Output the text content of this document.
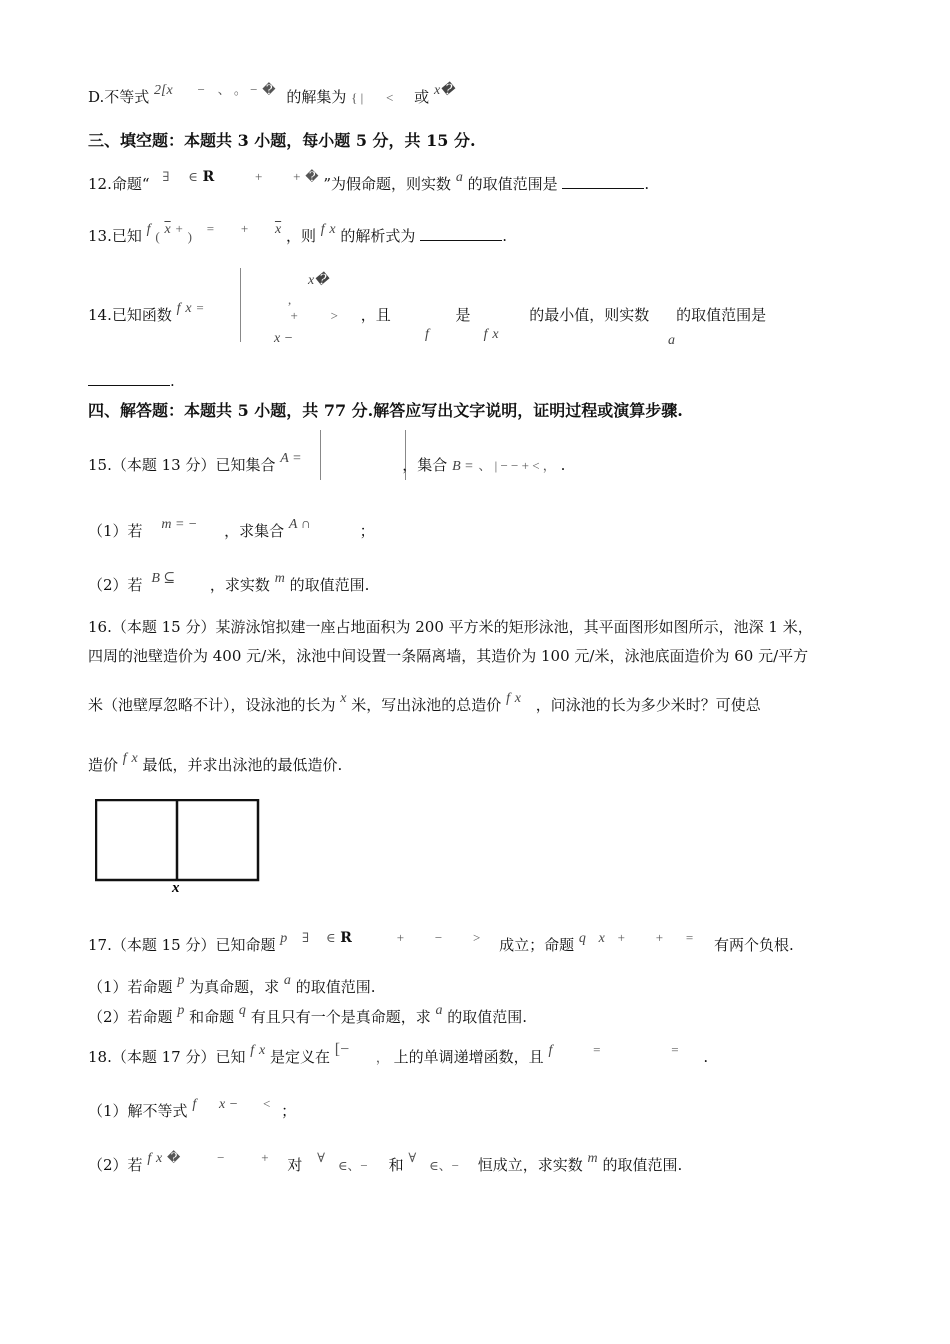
D.不等式 2[x − 、 。 − � 的解集为 { | < 或 x�
三、填空题：本题共 3 小题，每小题 5 分，共 15 分.
12.命题“ ∃ ∈ R	+ + � ”为假命题，则实数 a 的取值范围是	.
13.已知 f ( $\overline{x}$ + ) = + $\overline{x}$ ，则 f x 的解析式为	.
x�
,
14.已知函数 f x = +	> ，且	是	的最小值，则实数 的取值范围是
x −	f	f x	a
.
四、解答题：本题共 5 小题，共 77 分.解答应写出文字说明，证明过程或演算步骤.
15.（本题 13 分）已知集合 A =	，集合 B = 、 | − − + < ， .
（1）若 m = − ，求集合 A ∩	；
（2）若 B ⊆ ，求实数 m 的取值范围.
16.（本题 15 分）某游泳馆拟建一座占地面积为 200 平方米的矩形泳池，其平面图形如图所示，池深 1 米，
四周的池壁造价为 400 元/米，泳池中间设置一条隔离墙，其造价为 100 元/米，泳池底面造价为 60 元/平方
米（池壁厚忽略不计），设泳池的长为 x 米，写出泳池的总造价 f x ，问泳池的长为多少米时？可使总
造价 f x 最低，并求出泳池的最低造价.
x
17.（本题 15 分）已知命题 p ∃ ∈ R	+ − > 成立；命题 q x + + = 有两个负根.
（1）若命题 p 为真命题，求 a 的取值范围.
（2）若命题 p 和命题 q 有且只有一个是真命题，求 a 的取值范围.
18.（本题 17 分）已知 f x 是定义在 [− ， 上的单调递增函数，且 f	=	= .
（1）解不等式 f x − < ；
（2）若 f x �	−	+ 对 ∀ ∈、− 和 ∀ ∈、− 恒成立，求实数 m 的取值范围.
